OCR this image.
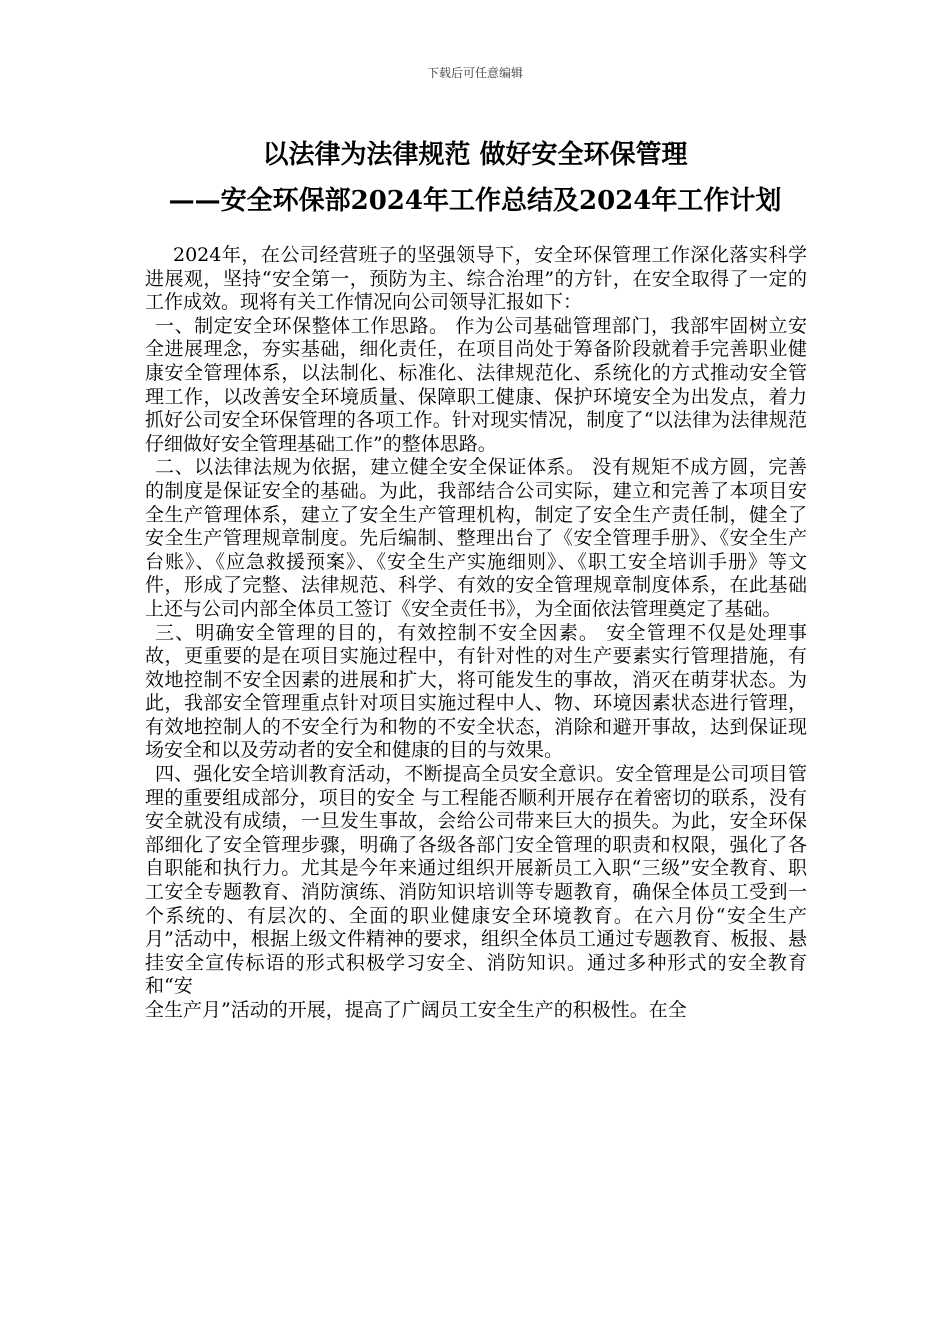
下载后可任意编辑
以法律为法律规范 做好安全环保管理
——安全环保部2024年工作总结及2024年工作计划

2024年，在公司经营班子的坚强领导下，安全环保管理工作深化落实科学进展观，坚持“安全第一，预防为主、综合治理”的方针，在安全取得了一定的工作成效。现将有关工作情况向公司领导汇报如下：

一、制定安全环保整体工作思路。 作为公司基础管理部门，我部牢固树立安全进展理念，夯实基础，细化责任，在项目尚处于筹备阶段就着手完善职业健康安全管理体系，以法制化、标准化、法律规范化、系统化的方式推动安全管理工作，以改善安全环境质量、保障职工健康、保护环境安全为出发点，着力抓好公司安全环保管理的各项工作。针对现实情况，制度了“以法律为法律规范仔细做好安全管理基础工作”的整体思路。

二、以法律法规为依据，建立健全安全保证体系。 没有规矩不成方圆，完善的制度是保证安全的基础。为此，我部结合公司实际，建立和完善了本项目安全生产管理体系，建立了安全生产管理机构，制定了安全生产责任制，健全了安全生产管理规章制度。先后编制、整理出台了《安全管理手册》、《安全生产台账》、《应急救援预案》、《安全生产实施细则》、《职工安全培训手册》等文件，形成了完整、法律规范、科学、有效的安全管理规章制度体系，在此基础上还与公司内部全体员工签订《安全责任书》，为全面依法管理奠定了基础。

三、明确安全管理的目的，有效控制不安全因素。 安全管理不仅是处理事故，更重要的是在项目实施过程中，有针对性的对生产要素实行管理措施，有效地控制不安全因素的进展和扩大，将可能发生的事故，消灭在萌芽状态。为此，我部安全管理重点针对项目实施过程中人、物、环境因素状态进行管理，有效地控制人的不安全行为和物的不安全状态，消除和避开事故，达到保证现场安全和以及劳动者的安全和健康的目的与效果。

四、强化安全培训教育活动，不断提高全员安全意识。安全管理是公司项目管理的重要组成部分，项目的安全 与工程能否顺利开展存在着密切的联系，没有安全就没有成绩，一旦发生事故，会给公司带来巨大的损失。为此，安全环保部细化了安全管理步骤，明确了各级各部门安全管理的职责和权限，强化了各自职能和执行力。尤其是今年来通过组织开展新员工入职“三级”安全教育、职工安全专题教育、消防演练、消防知识培训等专题教育，确保全体员工受到一个系统的、有层次的、全面的职业健康安全环境教育。在六月份“安全生产月”活动中，根据上级文件精神的要求，组织全体员工通过专题教育、板报、悬挂安全宣传标语的形式积极学习安全、消防知识。通过多种形式的安全教育和“安

全生产月”活动的开展，提高了广阔员工安全生产的积极性。在全
